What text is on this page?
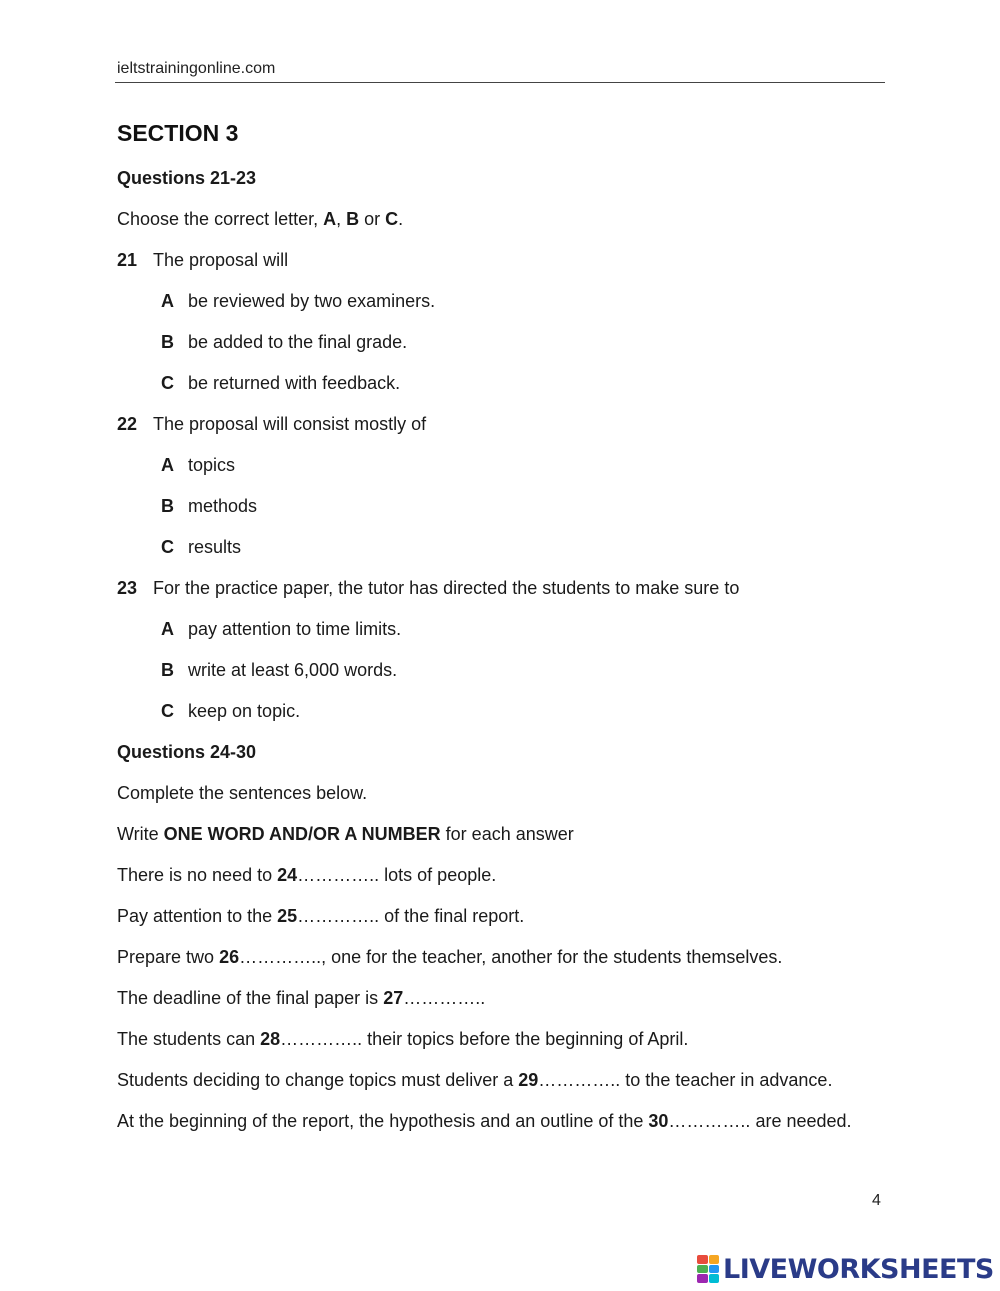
ieltstrainingonline.com
SECTION 3
Questions 21-23
Choose the correct letter, A, B or C.
21 The proposal will
A be reviewed by two examiners.
B be added to the final grade.
C be returned with feedback.
22 The proposal will consist mostly of
A topics
B methods
C results
23 For the practice paper, the tutor has directed the students to make sure to
A pay attention to time limits.
B write at least 6,000 words.
C keep on topic.
Questions 24-30
Complete the sentences below.
Write ONE WORD AND/OR A NUMBER for each answer
There is no need to 24………….. lots of people.
Pay attention to the 25………….. of the final report.
Prepare two 26………….., one for the teacher, another for the students themselves.
The deadline of the final paper is 27…………..
The students can 28………….. their topics before the beginning of April.
Students deciding to change topics must deliver a 29………….. to the teacher in advance.
At the beginning of the report, the hypothesis and an outline of the 30………….. are needed.
4
LIVEWORKSHEETS
